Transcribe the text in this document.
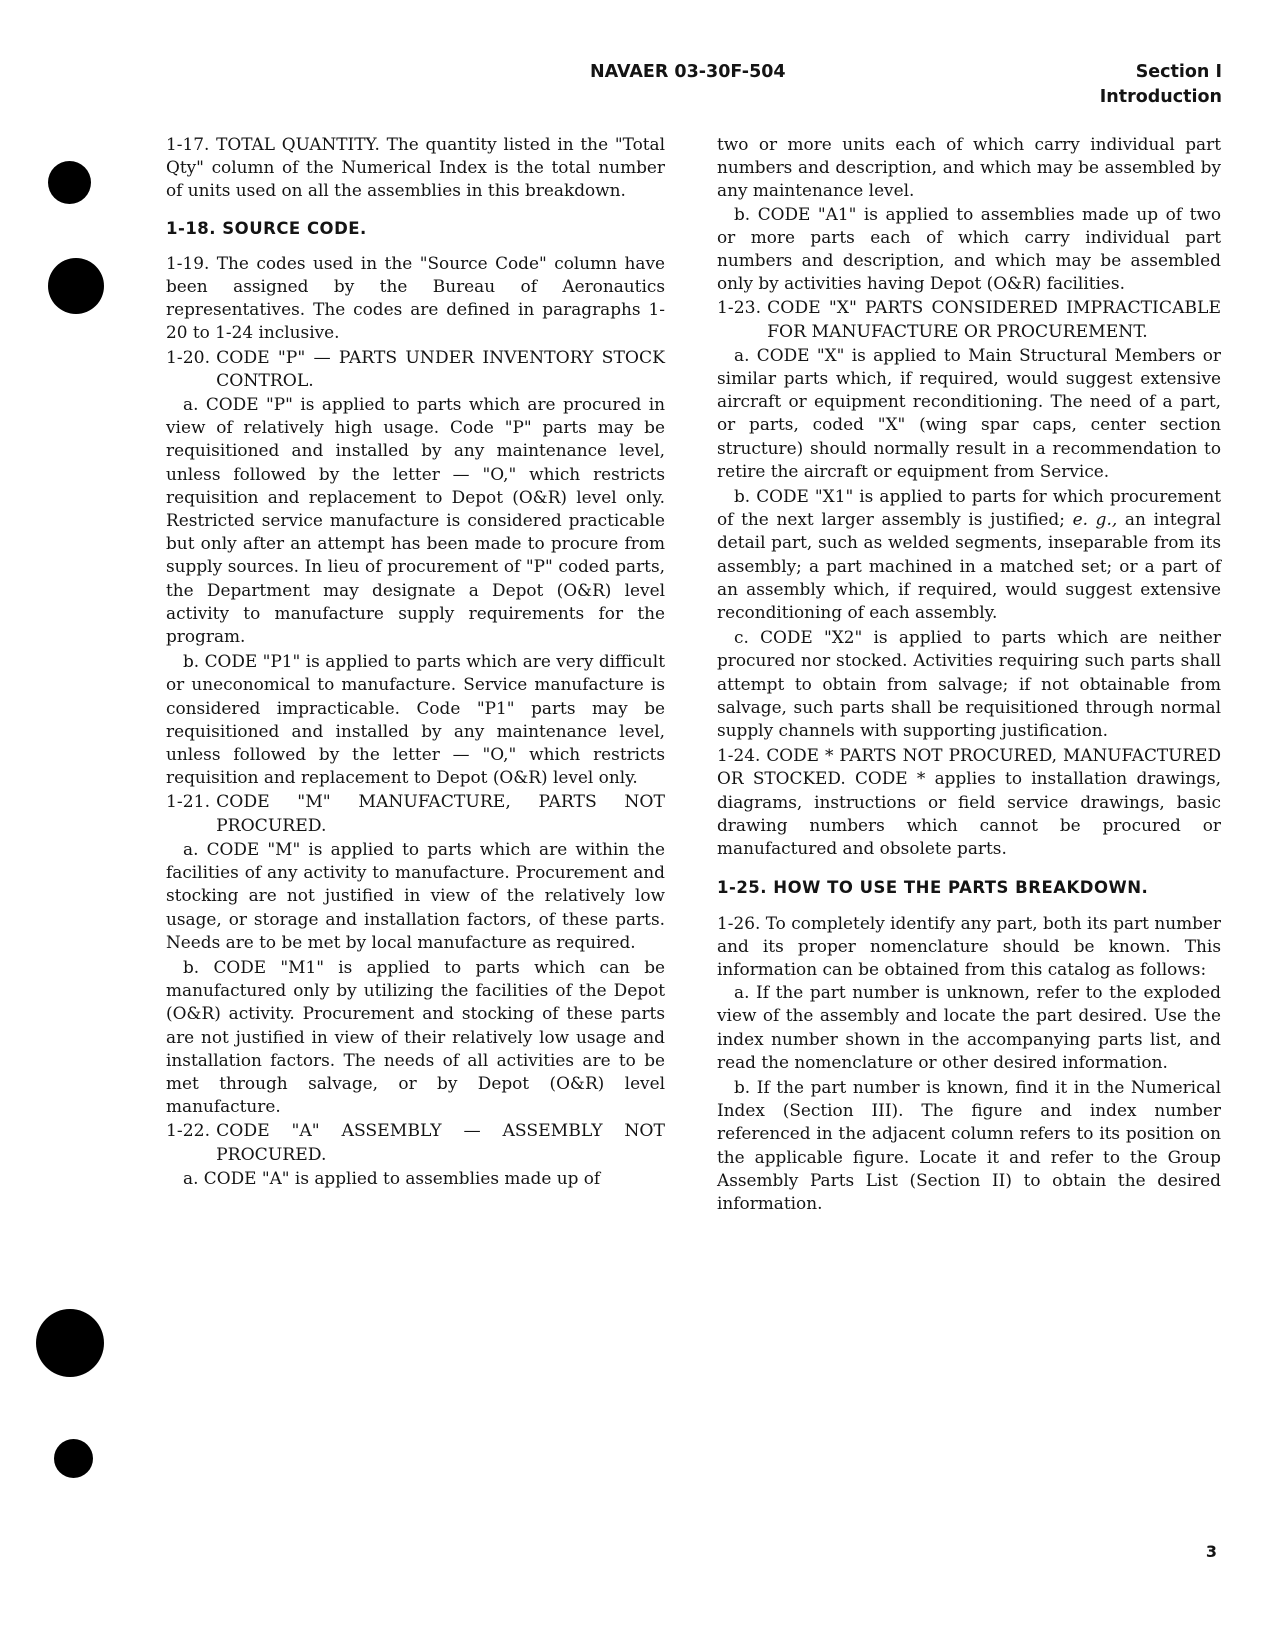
NAVAER 03-30F-504	Section I
Introduction

1-17. TOTAL QUANTITY. The quantity listed in the "Total Qty" column of the Numerical Index is the total number of units used on all the assemblies in this breakdown.

1-18. SOURCE CODE.

1-19. The codes used in the "Source Code" column have been assigned by the Bureau of Aeronautics representatives. The codes are defined in paragraphs 1-20 to 1-24 inclusive.

1-20. CODE "P" — PARTS UNDER INVENTORY STOCK CONTROL.

a. CODE "P" is applied to parts which are procured in view of relatively high usage. Code "P" parts may be requisitioned and installed by any maintenance level, unless followed by the letter — "O," which restricts requisition and replacement to Depot (O&R) level only. Restricted service manufacture is considered practicable but only after an attempt has been made to procure from supply sources. In lieu of procurement of "P" coded parts, the Department may designate a Depot (O&R) level activity to manufacture supply requirements for the program.

b. CODE "P1" is applied to parts which are very difficult or uneconomical to manufacture. Service manufacture is considered impracticable. Code "P1" parts may be requisitioned and installed by any maintenance level, unless followed by the letter — "O," which restricts requisition and replacement to Depot (O&R) level only.

1-21. CODE "M" MANUFACTURE, PARTS NOT PROCURED.

a. CODE "M" is applied to parts which are within the facilities of any activity to manufacture. Procurement and stocking are not justified in view of the relatively low usage, or storage and installation factors, of these parts. Needs are to be met by local manufacture as required.

b. CODE "M1" is applied to parts which can be manufactured only by utilizing the facilities of the Depot (O&R) activity. Procurement and stocking of these parts are not justified in view of their relatively low usage and installation factors. The needs of all activities are to be met through salvage, or by Depot (O&R) level manufacture.

1-22. CODE "A" ASSEMBLY — ASSEMBLY NOT PROCURED.

a. CODE "A" is applied to assemblies made up of

two or more units each of which carry individual part numbers and description, and which may be assembled by any maintenance level.

b. CODE "A1" is applied to assemblies made up of two or more parts each of which carry individual part numbers and description, and which may be assembled only by activities having Depot (O&R) facilities.

1-23. CODE "X" PARTS CONSIDERED IMPRACTICABLE FOR MANUFACTURE OR PROCUREMENT.

a. CODE "X" is applied to Main Structural Members or similar parts which, if required, would suggest extensive aircraft or equipment reconditioning. The need of a part, or parts, coded "X" (wing spar caps, center section structure) should normally result in a recommendation to retire the aircraft or equipment from Service.

b. CODE "X1" is applied to parts for which procurement of the next larger assembly is justified; e. g., an integral detail part, such as welded segments, inseparable from its assembly; a part machined in a matched set; or a part of an assembly which, if required, would suggest extensive reconditioning of each assembly.

c. CODE "X2" is applied to parts which are neither procured nor stocked. Activities requiring such parts shall attempt to obtain from salvage; if not obtainable from salvage, such parts shall be requisitioned through normal supply channels with supporting justification.

1-24. CODE * PARTS NOT PROCURED, MANUFACTURED OR STOCKED. CODE * applies to installation drawings, diagrams, instructions or field service drawings, basic drawing numbers which cannot be procured or manufactured and obsolete parts.

1-25. HOW TO USE THE PARTS BREAKDOWN.

1-26. To completely identify any part, both its part number and its proper nomenclature should be known. This information can be obtained from this catalog as follows:

a. If the part number is unknown, refer to the exploded view of the assembly and locate the part desired. Use the index number shown in the accompanying parts list, and read the nomenclature or other desired information.

b. If the part number is known, find it in the Numerical Index (Section III). The figure and index number referenced in the adjacent column refers to its position on the applicable figure. Locate it and refer to the Group Assembly Parts List (Section II) to obtain the desired information.

3
